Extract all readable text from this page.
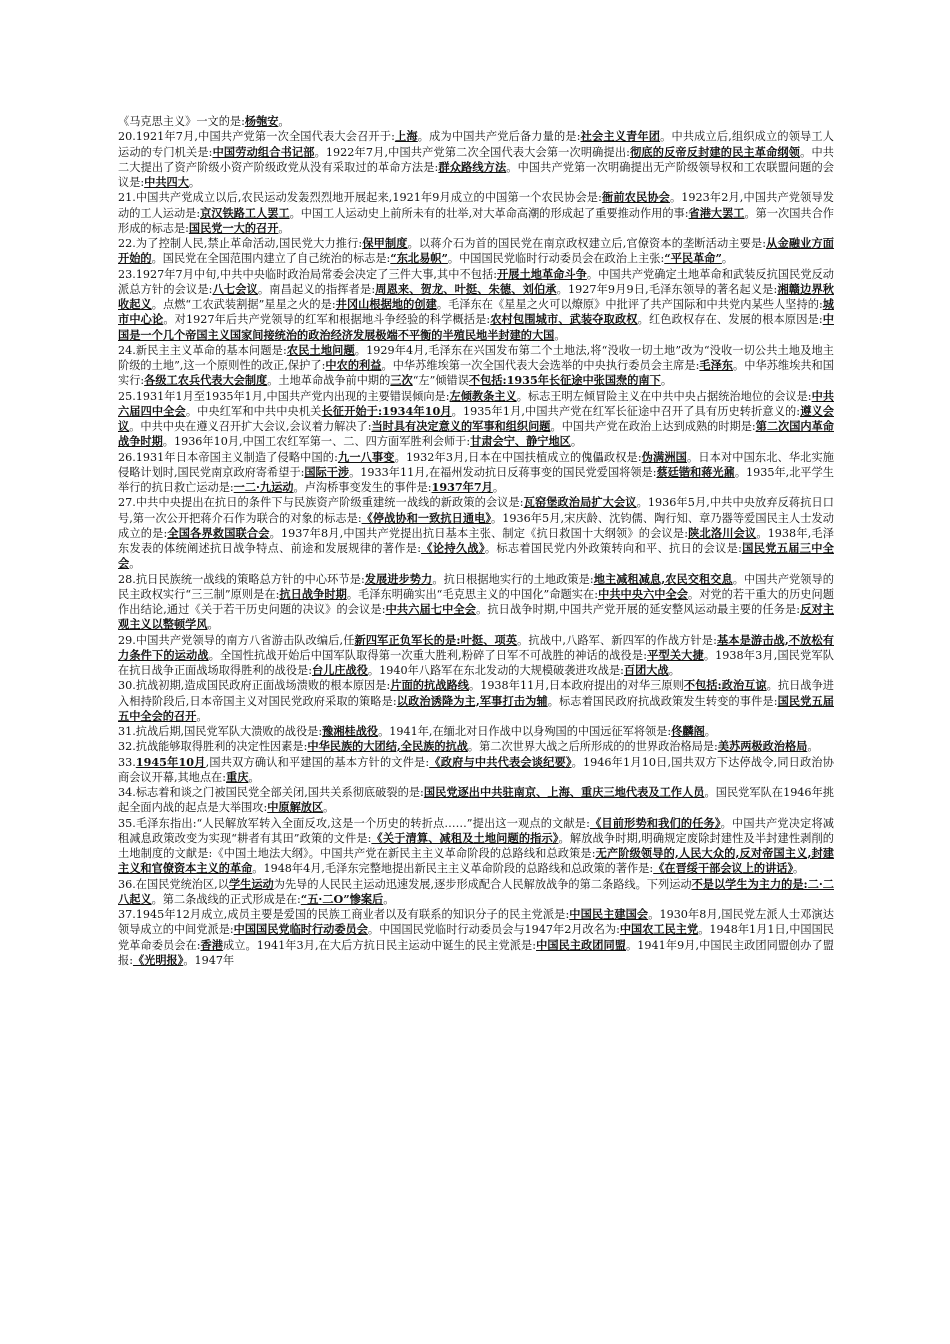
《马克思主义》一文的是:杨匏安。

20.1921年7月,中国共产党第一次全国代表大会召开于:上海。成为中国共产党后备力量的是:社会主义青年团。中共成立后,组织成立的领导工人运动的专门机关是:中国劳动组合书记部。1922年7月,中国共产党第二次全国代表大会第一次明确提出:彻底的反帝反封建的民主革命纲领。中共二大提出了资产阶级小资产阶级政党从没有采取过的革命方法是:群众路线方法。中国共产党第一次明确提出无产阶级领导权和工农联盟问题的会议是:中共四大。

21.中国共产党成立以后,农民运动发轰烈烈地开展起来,1921年9月成立的中国第一个农民协会是:衙前农民协会。1923年2月,中国共产党领导发动的工人运动是:京汉铁路工人罢工。中国工人运动史上前所未有的壮举,对大革命高潮的形成起了重要推动作用的事:省港大罢工。第一次国共合作形成的标志是:国民党一大的召开。

22.为了控制人民,禁止革命活动,国民党大力推行:保甲制度。以蒋介石为首的国民党在南京政权建立后,官僚资本的垄断活动主要是:从金融业方面开始的。国民党在全国范围内建立了自己统治的标志是:“东北易帜”。中国国民党临时行动委员会在政治上主张:“平民革命”。

23.1927年7月中旬,中共中央临时政治局常委会决定了三件大事,其中不包括:开展土地革命斗争。中国共产党确定土地革命和武装反抗国民党反动派总方针的会议是:八七会议。南昌起义的指挥者是:周恩来、贺龙、叶挺、朱德、刘伯承。1927年9月9日,毛泽东领导的著名起义是:湘赣边界秋收起义。点燃“工农武装割据”星星之火的是:井冈山根据地的创建。毛泽东在《星星之火可以燎原》中批评了共产国际和中共党内某些人坚持的:城市中心论。对1927年后共产党领导的红军和根据地斗争经验的科学概括是:农村包围城市、武装夺取政权。红色政权存在、发展的根本原因是:中国是一个几个帝国主义国家间接统治的政治经济发展极端不平衡的半殖民地半封建的大国。

24.新民主主义革命的基本问题是:农民土地问题。1929年4月,毛泽东在兴国发布第二个土地法,将“没收一切土地”改为“没收一切公共土地及地主阶级的土地”,这一个原则性的改正,保护了:中农的利益。中华苏维埃第一次全国代表大会选举的中央执行委员会主席是:毛泽东。中华苏维埃共和国实行:各级工农兵代表大会制度。土地革命战争前中期的三次“左”倾错误不包括:1935年长征途中张国焘的南下。

25.1931年1月至1935年1月,中国共产党内出现的主要错误倾向是:左倾教条主义。标志王明左倾冒险主义在中共中央占据统治地位的会议是:中共六届四中全会。中央红军和中共中央机关长征开始于:1934年10月。1935年1月,中国共产党在红军长征途中召开了具有历史转折意义的:遵义会议。中共中央在遵义召开扩大会议,会议着力解决了:当时具有决定意义的军事和组织问题。中国共产党在政治上达到成熟的时期是:第二次国内革命战争时期。1936年10月,中国工农红军第一、二、四方面军胜利会师于:甘肃会宁、静宁地区。

26.1931年日本帝国主义制造了侵略中国的:九一八事变。1932年3月,日本在中国扶植成立的傀儡政权是:伪满洲国。日本对中国东北、华北实施侵略计划时,国民党南京政府寄希望于:国际干涉。1933年11月,在福州发动抗日反蒋事变的国民党爱国将领是:蔡廷锴和蒋光鼐。1935年,北平学生举行的抗日救亡运动是:一二·九运动。卢沟桥事变发生的事件是:1937年7月。

27.中共中央提出在抗日的条件下与民族资产阶级重建统一战线的新政策的会议是:瓦窑堡政治局扩大会议。1936年5月,中共中央放弃反蒋抗日口号,第一次公开把蒋介石作为联合的对象的标志是:《停战协和一致抗日通电》。1936年5月,宋庆龄、沈钧儒、陶行知、章乃器等爱国民主人士发动成立的是:全国各界救国联合会。1937年8月,中国共产党提出抗日基本主张、制定《抗日救国十大纲领》的会议是:陕北洛川会议。1938年,毛泽东发表的体统阐述抗日战争特点、前途和发展规律的著作是:《论持久战》。标志着国民党内外政策转向和平、抗日的会议是:国民党五届三中全会。

28.抗日民族统一战线的策略总方针的中心环节是:发展进步势力。抗日根据地实行的土地政策是:地主减租减息,农民交租交息。中国共产党领导的民主政权实行“三三制”原则是在:抗日战争时期。毛泽东明确实出“毛克思主义的中国化”命题实在:中共中央六中全会。对党的若干重大的历史问题作出结论,通过《关于若干历史问题的决议》的会议是:中共六届七中全会。抗日战争时期,中国共产党开展的延安整风运动最主要的任务是:反对主观主义以整顿学风。

29.中国共产党领导的南方八省游击队改编后,任新四军正负军长的是:叶挺、项英。抗战中,八路军、新四军的作战方针是:基本是游击战,不放松有力条件下的运动战。全国性抗战开始后中国军队取得第一次重大胜利,粉碎了日军不可战胜的神话的战役是:平型关大捷。1938年3月,国民党军队在抗日战争正面战场取得胜利的战役是:台儿庄战役。1940年八路军在东北发动的大规模破袭进攻战是:百团大战。

30.抗战初期,造成国民政府正面战场溃败的根本原因是:片面的抗战路线。1938年11月,日本政府提出的对华三原则不包括:政治互谅。抗日战争进入相持阶段后,日本帝国主义对国民党政府采取的策略是:以政治诱降为主,军事打击为辅。标志着国民政府抗战政策发生转变的事件是:国民党五届五中全会的召开。

31.抗战后期,国民党军队大溃败的战役是:豫湘桂战役。1941年,在缅北对日作战中以身殉国的中国远征军将领是:佟麟阁。

32.抗战能够取得胜利的决定性因素是:中华民族的大团结,全民族的抗战。第二次世界大战之后所形成的的世界政治格局是:美苏两极政治格局。

33.1945年10月,国共双方确认和平建国的基本方针的文件是:《政府与中共代表会谈纪要》。1946年1月10日,国共双方下达停战令,同日政治协商会议开幕,其地点在:重庆。

34.标志着和谈之门被国民党全部关闭,国共关系彻底破裂的是:国民党逐出中共驻南京、上海、重庆三地代表及工作人员。国民党军队在1946年挑起全面内战的起点是大举围攻:中原解放区。

35.毛泽东指出:“人民解放军转入全面反攻,这是一个历史的转折点……”提出这一观点的文献是:《目前形势和我们的任务》。中国共产党决定将减租减息政策改变为实现“耕者有其田”政策的文件是:《关于清算、减租及土地问题的指示》。解放战争时期,明确规定废除封建性及半封建性剥削的土地制度的文献是:《中国土地法大纲》。中国共产党在新民主主义革命阶段的总路线和总政策是:无产阶级领导的,人民大众的,反对帝国主义,封建主义和官僚资本主义的革命。1948年4月,毛泽东完整地提出新民主主义革命阶段的总路线和总政策的著作是:《在晋绥干部会议上的讲话》。

36.在国民党统治区,以学生运动为先导的人民民主运动迅速发展,逐步形成配合人民解放战争的第二条路线。下列运动不是以学生为主力的是:二·二八起义。第二条战线的正式形成是在:“五·二O”惨案后。

37.1945年12月成立,成员主要是爱国的民族工商业者以及有联系的知识分子的民主党派是:中国民主建国会。1930年8月,国民党左派人士邓演达领导成立的中间党派是:中国国民党临时行动委员会。中国国民党临时行动委员会与1947年2月改名为:中国农工民主党。1948年1月1日,中国国民党革命委员会在:香港成立。1941年3月,在大后方抗日民主运动中诞生的民主党派是:中国民主政团同盟。1941年9月,中国民主政团同盟创办了盟报:《光明报》。1947年
